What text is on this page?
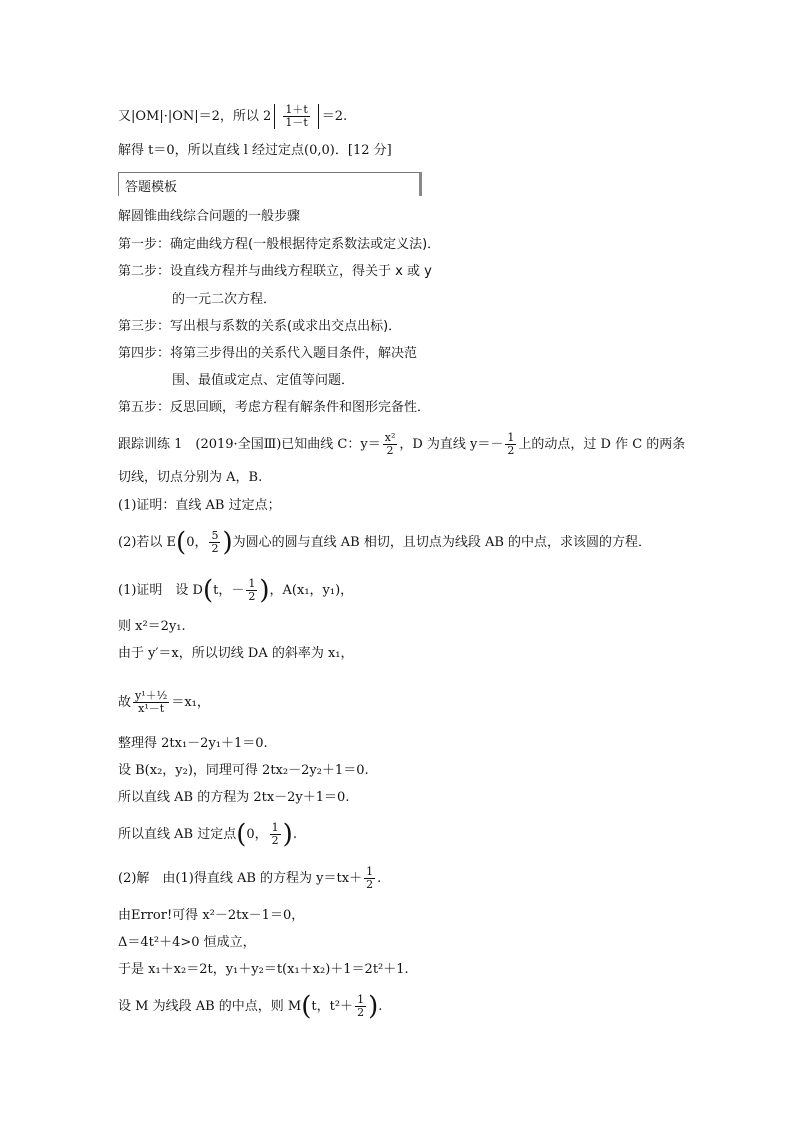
又|OM|·|ON|＝2，所以 $2 \frac{1+t}{1-t} =2$.
解得 t＝0，所以直线 l 经过定点(0,0)．[12 分]
答题模板
解圆锥曲线综合问题的一般步骤
第一步：确定曲线方程(一般根据待定系数法或定义法)．
第二步：设直线方程并与曲线方程联立，得关于 x 或 y
的一元二次方程．
第三步：写出根与系数的关系(或求出交点出标)．
第四步：将第三步得出的关系代入题目条件，解决范
围、最值或定点、定值等问题．
第五步：反思回顾，考虑方程有解条件和图形完备性．
跟踪训练 1　(2019·全国Ⅲ)已知曲线 C：$y= \frac{\text{x²}}{2}$ ，D 为直线 $y=- \frac{1}{2}$ 上的动点，过 D 作 C 的两条
切线，切点分别为 A，B.
(1)证明：直线 AB 过定点；
(2)若以 E(0， $\frac{5}{2}$ )为圆心的圆与直线 AB 相切，且切点为线段 AB 的中点，求该圆的方程．
(1)证明　设 D(t，－ $\frac{1}{2}$ )，A(x₁，y₁)，
则 x²＝2y₁.
由于 y′＝x，所以切线 DA 的斜率为 x₁，
故 $\frac{\text{y¹＋½}}{\text{x¹－t}} =x_1$，
整理得 2tx₁－2y₁＋1＝0.
设 B(x₂，y₂)，同理可得 2tx₂－2y₂＋1＝0.
所以直线 AB 的方程为 2tx－2y＋1＝0.
所以直线 AB 过定点(0， $\frac{1}{2}$ ).
(2)解　由(1)得直线 AB 的方程为 $y=tx+ \frac{1}{2}$ .
由Error!可得 x²－2tx－1＝0，
Δ＝4t²＋4>0 恒成立，
于是 x₁＋x₂＝2t，y₁＋y₂＝t(x₁＋x₂)＋1＝2t²＋1.
设 M 为线段 AB 的中点，则 M(t，$t^2+ \frac{1}{2}$ ).
